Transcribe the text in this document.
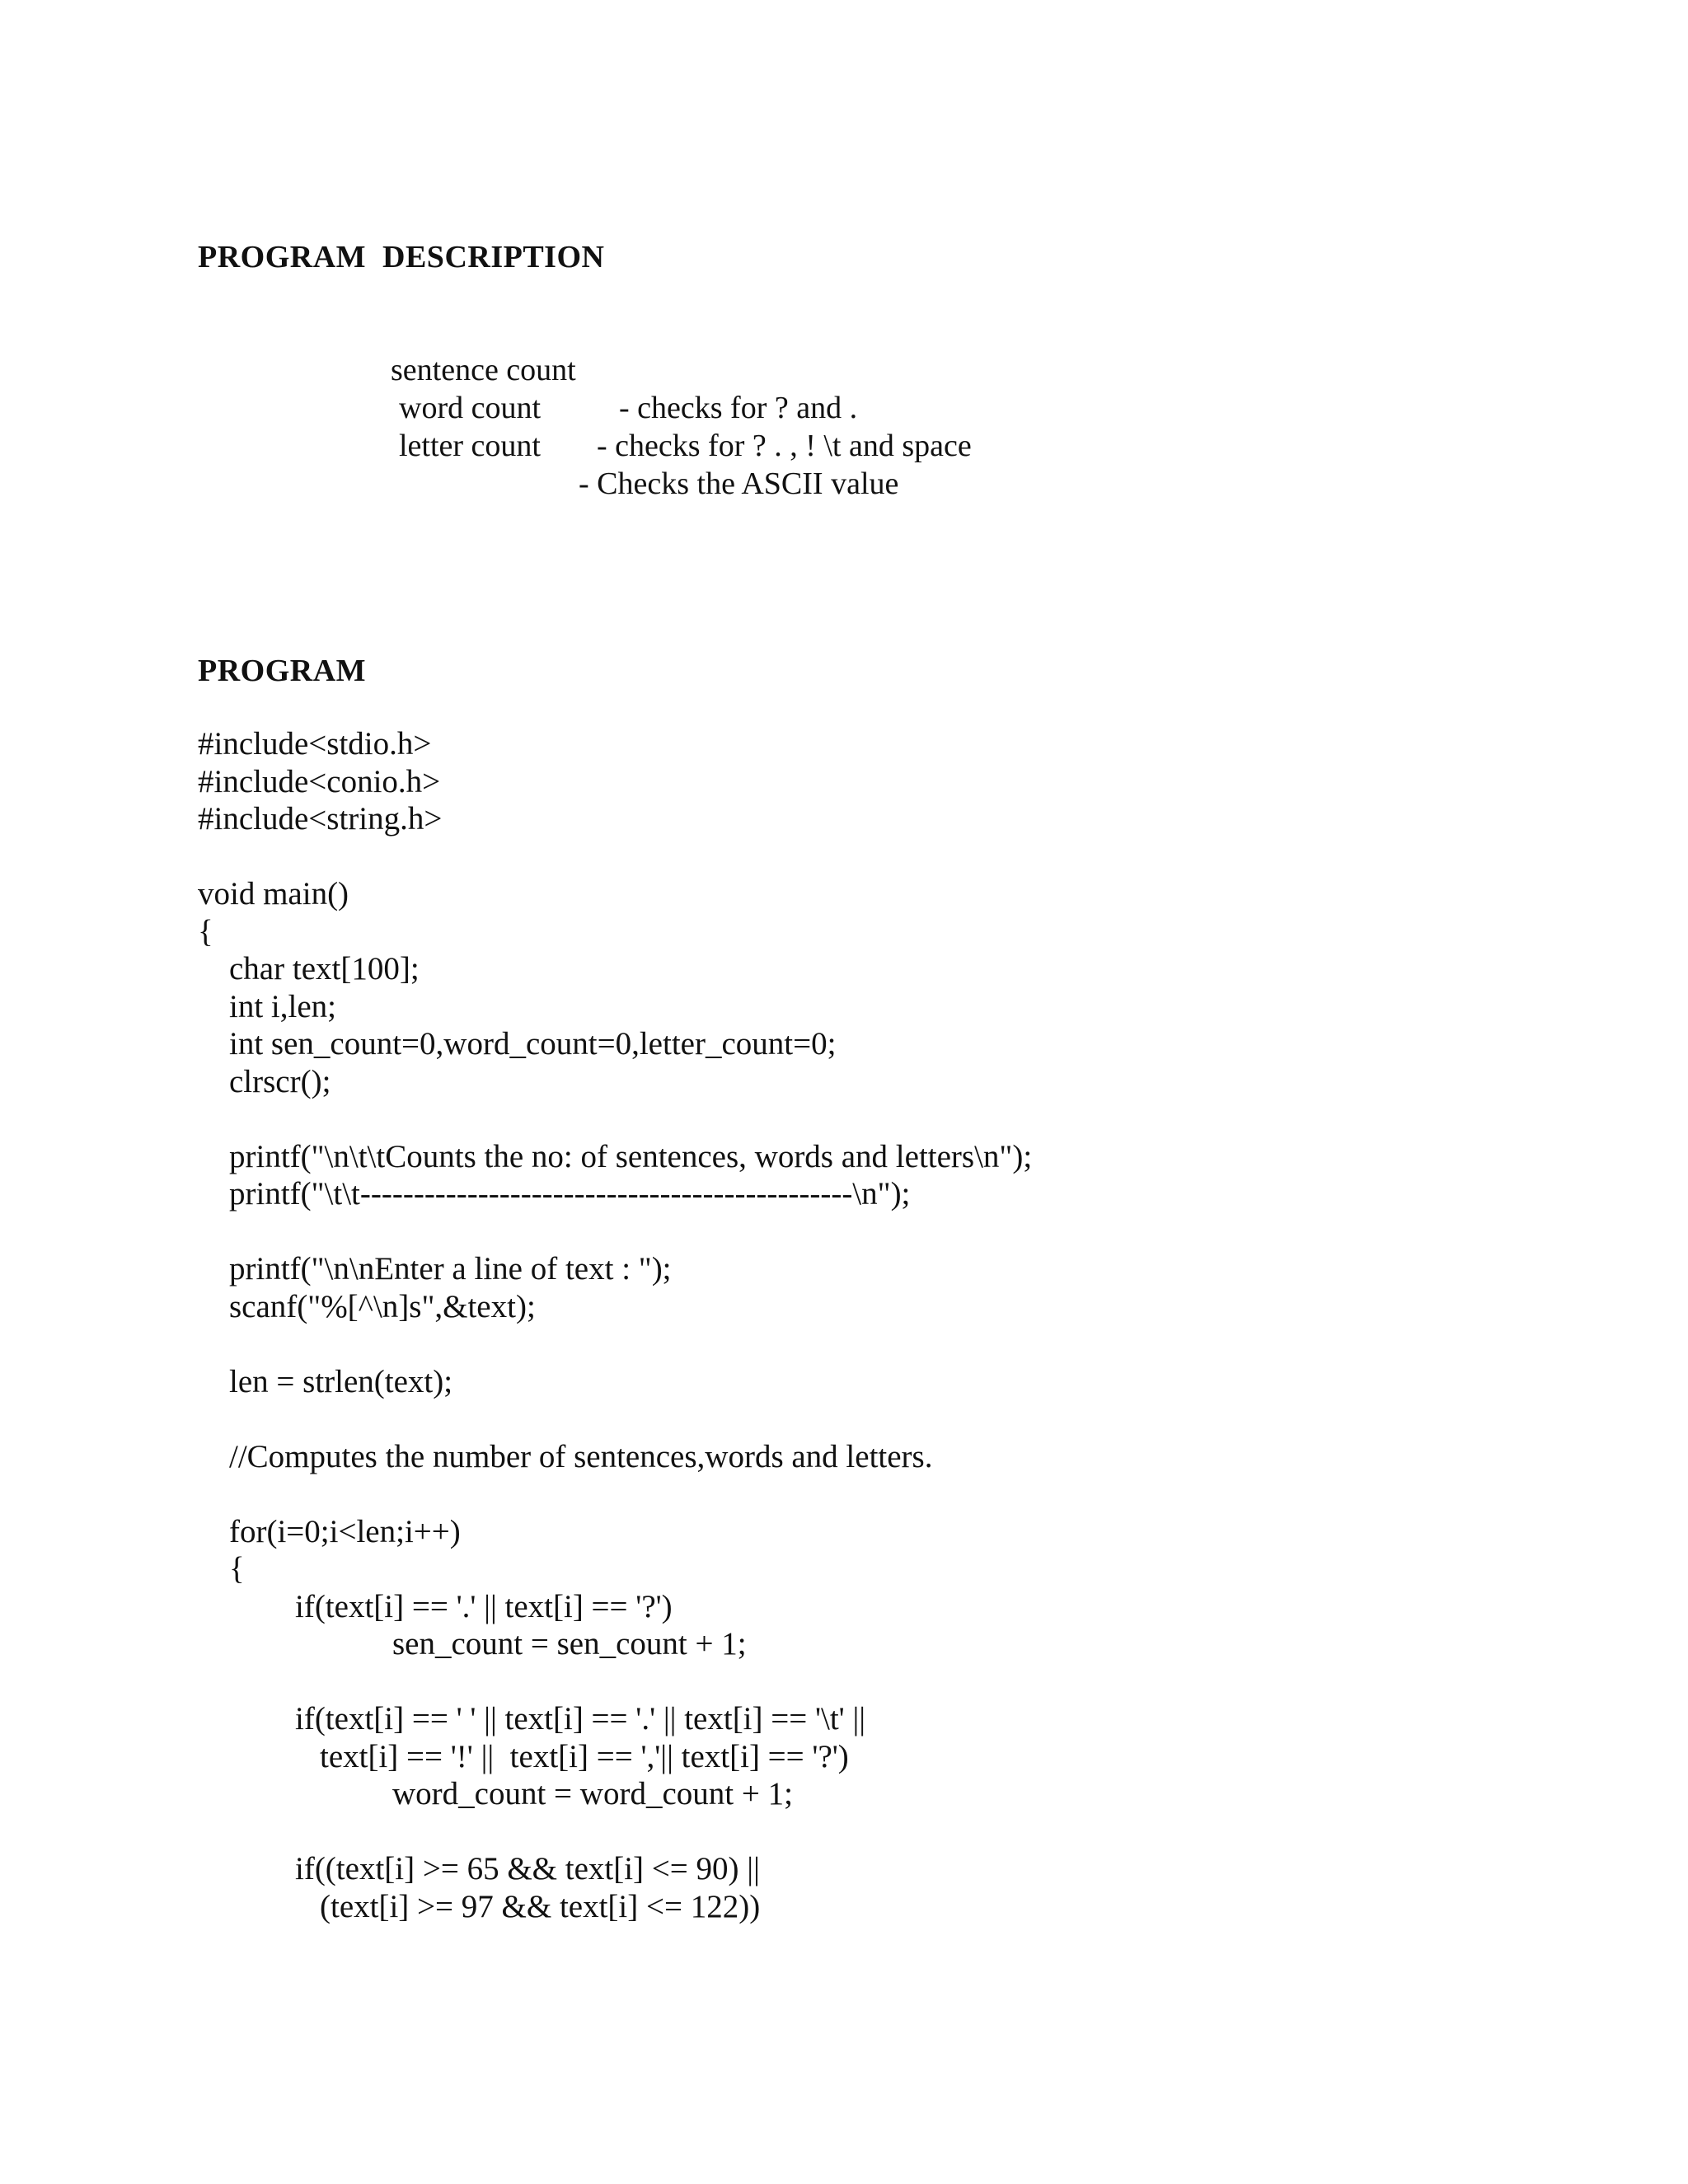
PROGRAM  DESCRIPTION

sentence count

- checks for ? and .

word count

- checks for ? . , ! \t and space

letter count

- Checks the ASCII value

PROGRAM
#include<stdio.h>
#include<conio.h>
#include<string.h>
void main()
{
char text[100];
int i,len;
int sen_count=0,word_count=0,letter_count=0;
clrscr();
printf("\n\t\tCounts the no: of sentences, words and letters\n");
printf("\t\t----------------------------------------------\n");
printf("\n\nEnter a line of text : ");
scanf("%[^\n]s",&text);
len = strlen(text);
//Computes the number of sentences,words and letters.
for(i=0;i<len;i++)
{
if(text[i] == '.' || text[i] == '?')
sen_count = sen_count + 1;
if(text[i] == ' ' || text[i] == '.' || text[i] == '\t' ||
text[i] == '!' ||  text[i] == ','|| text[i] == '?')
word_count = word_count + 1;
if((text[i] >= 65 && text[i] <= 90) ||
(text[i] >= 97 && text[i] <= 122))
